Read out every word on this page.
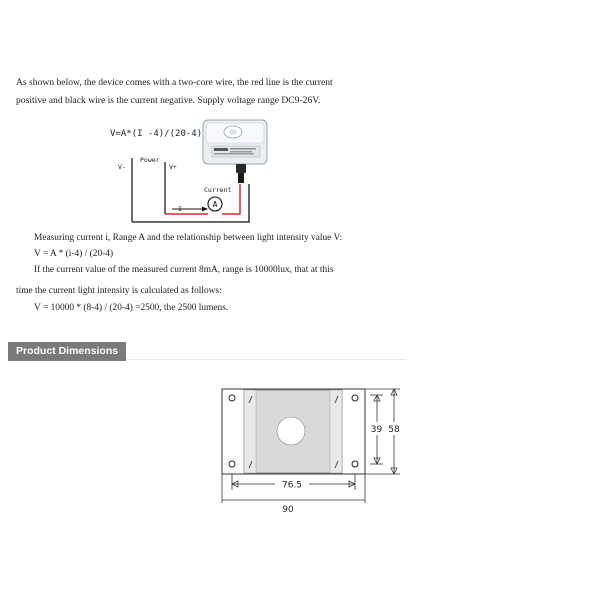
As shown below, the device comes with a two-core wire, the red line is the current

positive and black wire is the current negative. Supply voltage range DC9-26V.

V=A*(I -4)/(20-4)
Power
V-	V+
Current
I	A

Measuring current i, Range A and the relationship between light intensity value V:

V = A * (i-4) / (20-4)

If the current value of the measured current 8mA, range is 10000lux, that at this

time the current light intensity is calculated as follows:

V = 10000 * (8-4) / (20-4) =2500, the 2500 lumens.

Product Dimensions
39 58
76.5
90
